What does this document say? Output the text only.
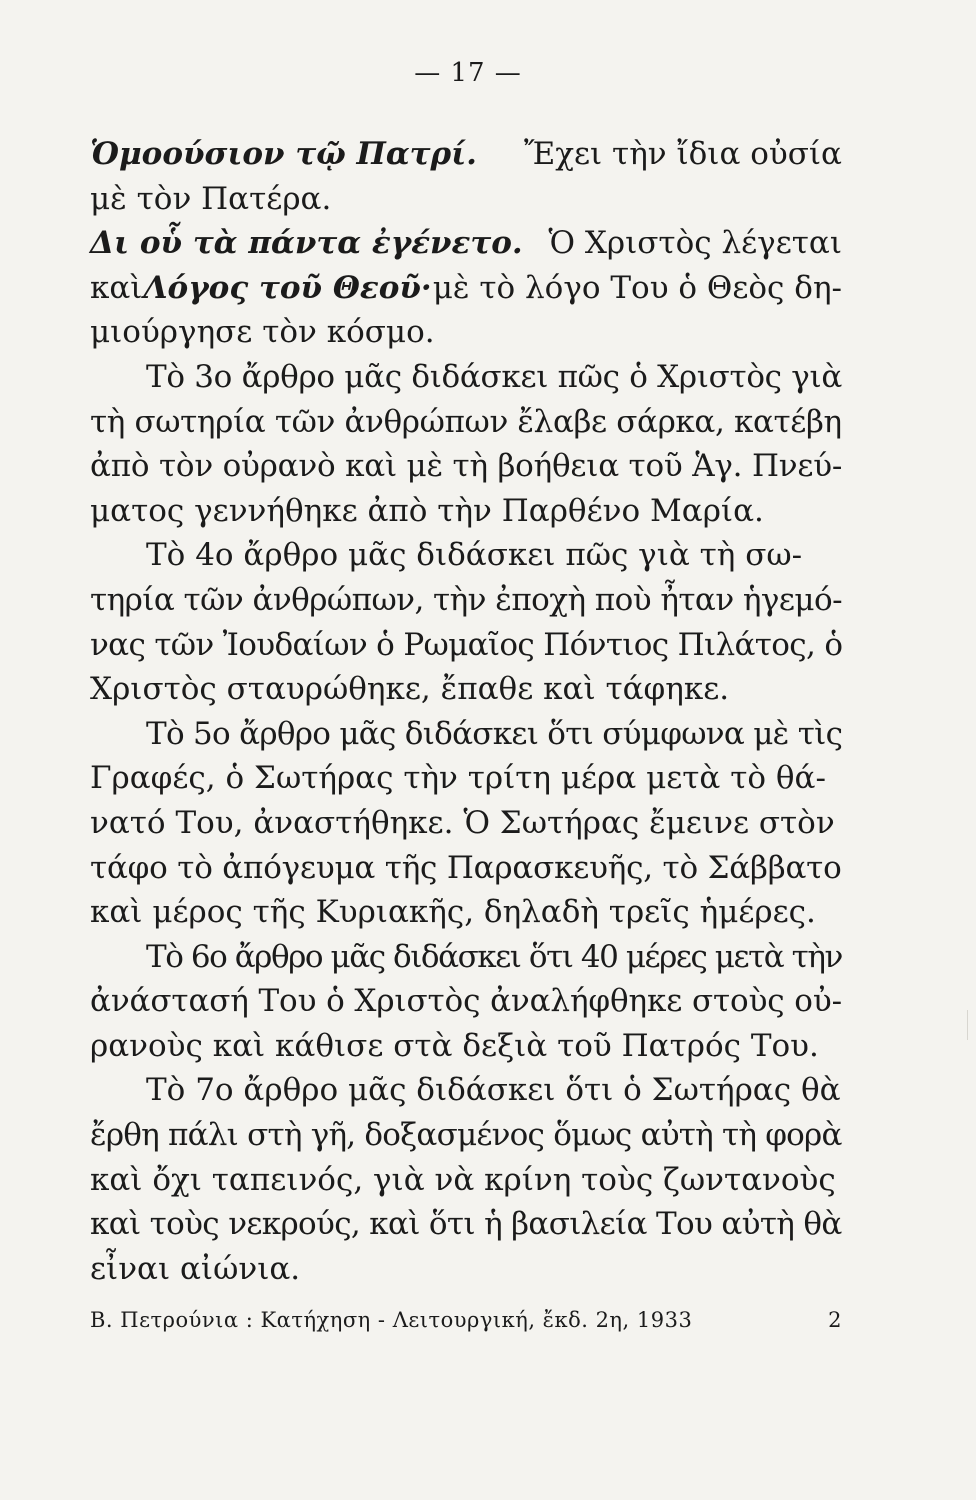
— 17 —
Ὁμοούσιον τῷ Πατρί. Ἔχει τὴν ἴδια οὐσία
μὲ τὸν Πατέρα.
Δι οὗ τὰ πάντα ἐγένετο. Ὁ Χριστὸς λέγεται
καὶ Λόγος τοῦ Θεοῦ· μὲ τὸ λόγο Του ὁ Θεὸς δη-
μιούργησε τὸν κόσμο.
Τὸ 3ο ἄρθρο μᾶς διδάσκει πῶς ὁ Χριστὸς γιὰ
τὴ σωτηρία τῶν ἀνθρώπων ἔλαβε σάρκα, κατέβη
ἀπὸ τὸν οὐρανὸ καὶ μὲ τὴ βοήθεια τοῦ Ἁγ. Πνεύ-
ματος γεννήθηκε ἀπὸ τὴν Παρθένο Μαρία.
Τὸ 4ο ἄρθρο μᾶς διδάσκει πῶς γιὰ τὴ σω-
τηρία τῶν ἀνθρώπων, τὴν ἐποχὴ ποὺ ἦταν ἡγεμό-
νας τῶν Ἰουδαίων ὁ Ρωμαῖος Πόντιος Πιλάτος, ὁ
Χριστὸς σταυρώθηκε, ἔπαθε καὶ τάφηκε.
Τὸ 5ο ἄρθρο μᾶς διδάσκει ὅτι σύμφωνα μὲ τὶς
Γραφές, ὁ Σωτήρας τὴν τρίτη μέρα μετὰ τὸ θά-
νατό Του, ἀναστήθηκε. Ὁ Σωτήρας ἔμεινε στὸν
τάφο τὸ ἀπόγευμα τῆς Παρασκευῆς, τὸ Σάββατο
καὶ μέρος τῆς Κυριακῆς, δηλαδὴ τρεῖς ἡμέρες.
Τὸ 6ο ἄρθρο μᾶς διδάσκει ὅτι 40 μέρες μετὰ τὴν
ἀνάστασή Του ὁ Χριστὸς ἀναλήφθηκε στοὺς οὐ-
ρανοὺς καὶ κάθισε στὰ δεξιὰ τοῦ Πατρός Του.
Τὸ 7ο ἄρθρο μᾶς διδάσκει ὅτι ὁ Σωτήρας θὰ
ἔρθη πάλι στὴ γῆ, δοξασμένος ὅμως αὐτὴ τὴ φορὰ
καὶ ὄχι ταπεινός, γιὰ νὰ κρίνη τοὺς ζωντανοὺς
καὶ τοὺς νεκρούς, καὶ ὅτι ἡ βασιλεία Του αὐτὴ θὰ
εἶναι αἰώνια.
Β. Πετρούνια : Κατήχηση - Λειτουργική, ἔκδ. 2η, 1933	2
